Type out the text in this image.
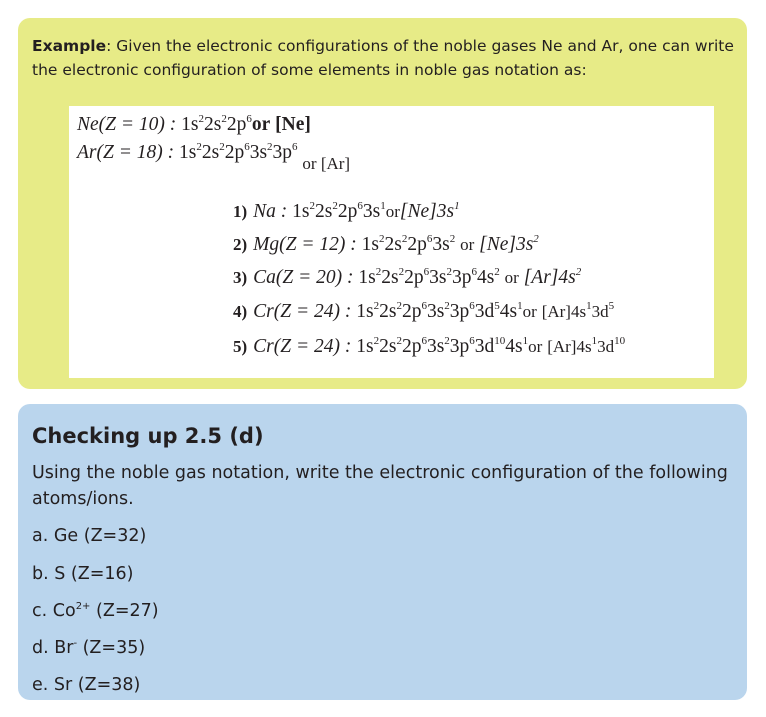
Example: Given the electronic configurations of the noble gases Ne and Ar, one can write the electronic configuration of some elements in noble gas notation as:
Ne(Z = 10) : $1s^22s^22p^6or$ [Ne]
Ar(Z = 18) : $1s^22s^22p^63s^23p^6$ or [Ar]
1) Na : $1s^22s^22p^63s^1or[Ne]3s^1$
2) Mg(Z = 12) : $1s^22s^22p^63s^2$ or $[Ne]3s^2$
3) Ca(Z = 20) : $1s^22s^22p^63s^23p^64s^2$ or $[Ar]4s^2$
4) Cr(Z = 24) : $1s^22s^22p^63s^23p^63d^54s^1or$ $[Ar]4s^13d^5$
5) Cr(Z = 24) : $1s^22s^22p^63s^23p^63d^{10}4s^1or$ $[Ar]4s^13d^{10}$
Checking up 2.5 (d)
Using the noble gas notation, write the electronic configuration of the following atoms/ions.
a. Ge (Z=32)
b. S (Z=16)
c. $Co^{2+}$ (Z=27)
d. Br- (Z=35)
e. Sr (Z=38)
